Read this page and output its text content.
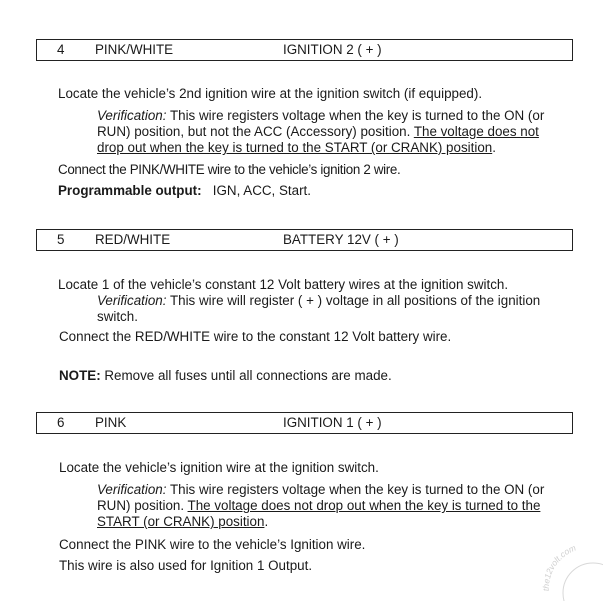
4 PINK/WHITE	IGNITION 2 ( + )
Locate the vehicle’s 2nd ignition wire at the ignition switch (if equipped).
Verification: This wire registers voltage when the key is turned to the ON (or
RUN) position, but not the ACC (Accessory) position. The voltage does not
drop out when the key is turned to the START (or CRANK) position.
Connect the PINK/WHITE wire to the vehicle’s ignition 2 wire.
Programmable output: IGN, ACC, Start.
5 RED/WHITE	BATTERY 12V ( + )
Locate 1 of the vehicle’s constant 12 Volt battery wires at the ignition switch.
Verification: This wire will register ( + ) voltage in all positions of the ignition
switch.
Connect the RED/WHITE wire to the constant 12 Volt battery wire.
NOTE: Remove all fuses until all connections are made.
6 PINK	IGNITION 1 ( + )
Locate the vehicle’s ignition wire at the ignition switch.
Verification: This wire registers voltage when the key is turned to the ON (or
RUN) position. The voltage does not drop out when the key is turned to the
START (or CRANK) position.
Connect the PINK wire to the vehicle’s Ignition wire.
This wire is also used for Ignition 1 Output.
the12volt.com
